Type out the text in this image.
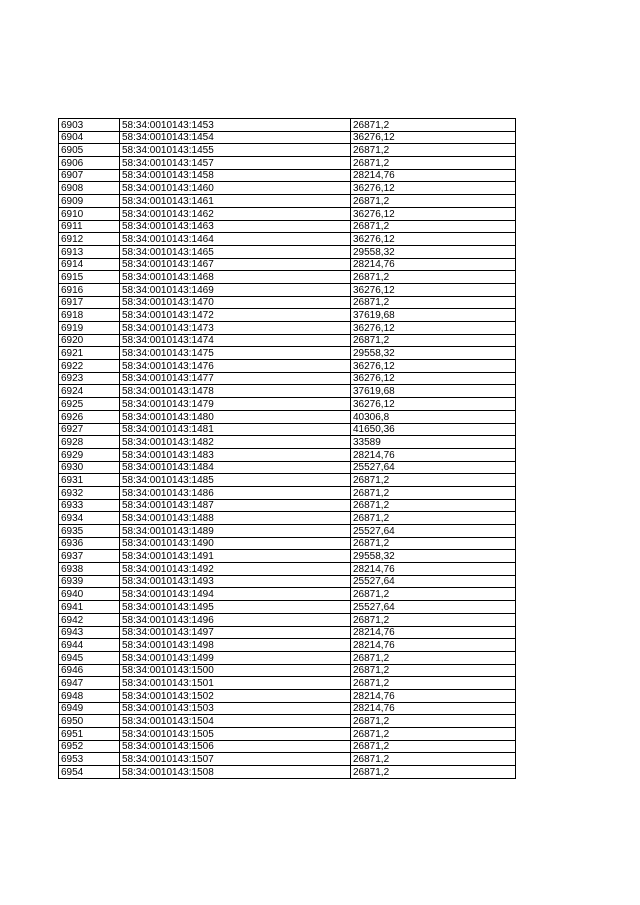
6903	58:34:0010143:1453	26871,2
6904	58:34:0010143:1454	36276,12
6905	58:34:0010143:1455	26871,2
6906	58:34:0010143:1457	26871,2
6907	58:34:0010143:1458	28214,76
6908	58:34:0010143:1460	36276,12
6909	58:34:0010143:1461	26871,2
6910	58:34:0010143:1462	36276,12
6911	58:34:0010143:1463	26871,2
6912	58:34:0010143:1464	36276,12
6913	58:34:0010143:1465	29558,32
6914	58:34:0010143:1467	28214,76
6915	58:34:0010143:1468	26871,2
6916	58:34:0010143:1469	36276,12
6917	58:34:0010143:1470	26871,2
6918	58:34:0010143:1472	37619,68
6919	58:34:0010143:1473	36276,12
6920	58:34:0010143:1474	26871,2
6921	58:34:0010143:1475	29558,32
6922	58:34:0010143:1476	36276,12
6923	58:34:0010143:1477	36276,12
6924	58:34:0010143:1478	37619,68
6925	58:34:0010143:1479	36276,12
6926	58:34:0010143:1480	40306,8
6927	58:34:0010143:1481	41650,36
6928	58:34:0010143:1482	33589
6929	58:34:0010143:1483	28214,76
6930	58:34:0010143:1484	25527,64
6931	58:34:0010143:1485	26871,2
6932	58:34:0010143:1486	26871,2
6933	58:34:0010143:1487	26871,2
6934	58:34:0010143:1488	26871,2
6935	58:34:0010143:1489	25527,64
6936	58:34:0010143:1490	26871,2
6937	58:34:0010143:1491	29558,32
6938	58:34:0010143:1492	28214,76
6939	58:34:0010143:1493	25527,64
6940	58:34:0010143:1494	26871,2
6941	58:34:0010143:1495	25527,64
6942	58:34:0010143:1496	26871,2
6943	58:34:0010143:1497	28214,76
6944	58:34:0010143:1498	28214,76
6945	58:34:0010143:1499	26871,2
6946	58:34:0010143:1500	26871,2
6947	58:34:0010143:1501	26871,2
6948	58:34:0010143:1502	28214,76
6949	58:34:0010143:1503	28214,76
6950	58:34:0010143:1504	26871,2
6951	58:34:0010143:1505	26871,2
6952	58:34:0010143:1506	26871,2
6953	58:34:0010143:1507	26871,2
6954	58:34:0010143:1508	26871,2
